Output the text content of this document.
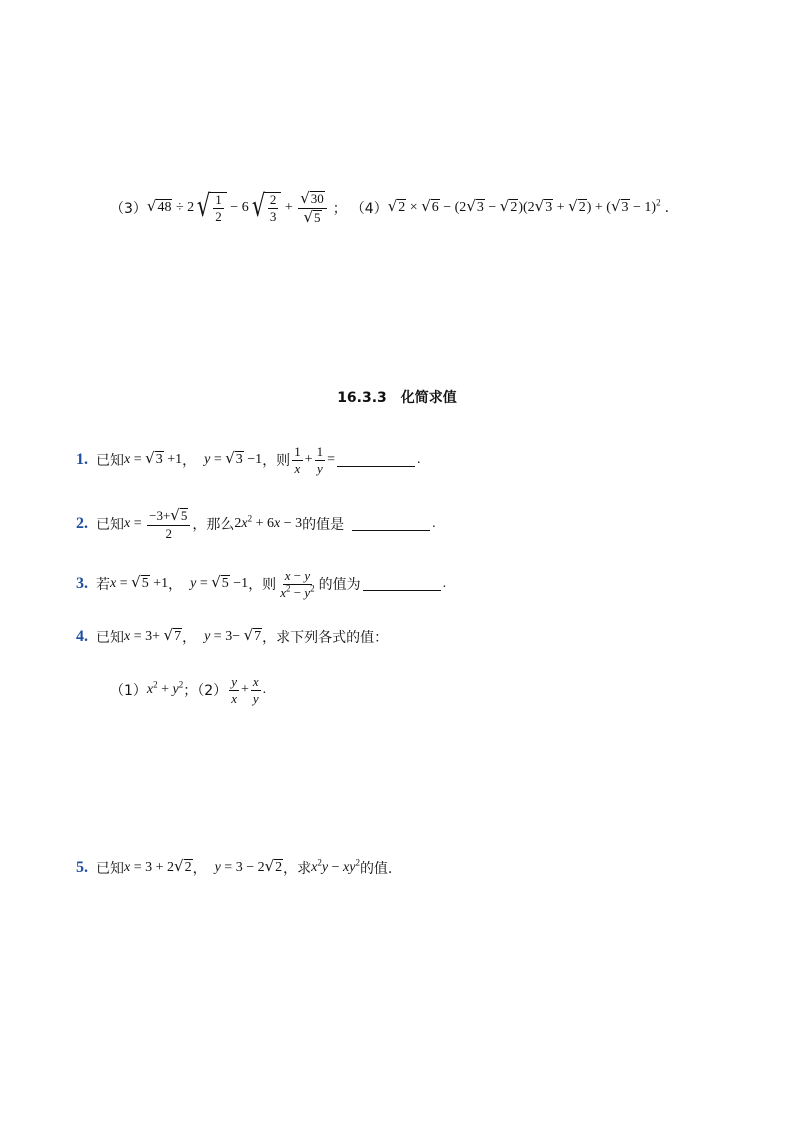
（3） √ 48 ÷ 2 √ $\frac{1}{2} - 6$ √ $\frac{2}{3} + \frac{√ 30}{√ 5}$ ； （4） √ 2 × √ 6 − (2 √ 3 − √ 2 )(2 √ 3 + √ 2 ) + ( √ 3 − 1)$^2$ .
16.3.3　化简求值
1. 已知 x = √ 3 +1 ， y = √ 3 −1 ，则 $\frac{1}{x} + \frac{1}{y}$ =	.
2. 已知 $x = \frac{-3+ √ 5}{2}$ ，那么 $2x^2 + 6x - 3$ 的值是	.
3. 若 x = √ 5 +1 ， y = √ 5 −1 ，则 $\frac{x - y}{x^2 - y^2}$ 的值为	.
4. 已知 x = 3+ √ 7 ， y = 3− √ 7 ，求下列各式的值：
（1） $x^2 + y^2$ ；$(2) \frac{y}{x} + \frac{x}{y}$ .
5. 已知 x = 3 + 2 √ 2 ， y = 3 − 2 √ 2 ，求 $x^2y - xy^2$ 的值.
